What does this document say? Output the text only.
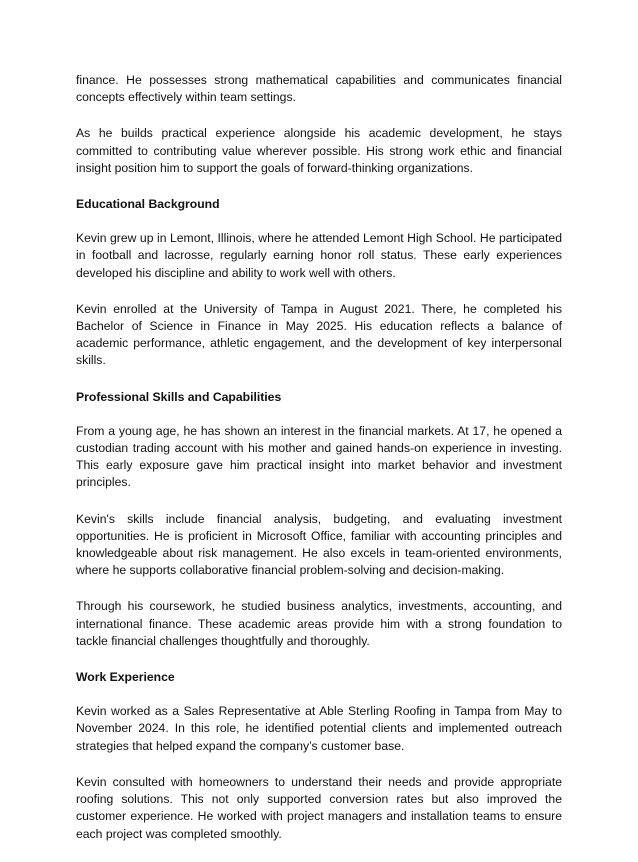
finance. He possesses strong mathematical capabilities and communicates financial concepts effectively within team settings.

As he builds practical experience alongside his academic development, he stays committed to contributing value wherever possible. His strong work ethic and financial insight position him to support the goals of forward-thinking organizations.

Educational Background

Kevin grew up in Lemont, Illinois, where he attended Lemont High School. He participated in football and lacrosse, regularly earning honor roll status. These early experiences developed his discipline and ability to work well with others.

Kevin enrolled at the University of Tampa in August 2021. There, he completed his Bachelor of Science in Finance in May 2025. His education reflects a balance of academic performance, athletic engagement, and the development of key interpersonal skills.

Professional Skills and Capabilities

From a young age, he has shown an interest in the financial markets. At 17, he opened a custodian trading account with his mother and gained hands-on experience in investing. This early exposure gave him practical insight into market behavior and investment principles.

Kevin's skills include financial analysis, budgeting, and evaluating investment opportunities. He is proficient in Microsoft Office, familiar with accounting principles and knowledgeable about risk management. He also excels in team-oriented environments, where he supports collaborative financial problem-solving and decision-making.

Through his coursework, he studied business analytics, investments, accounting, and international finance. These academic areas provide him with a strong foundation to tackle financial challenges thoughtfully and thoroughly.

Work Experience

Kevin worked as a Sales Representative at Able Sterling Roofing in Tampa from May to November 2024. In this role, he identified potential clients and implemented outreach strategies that helped expand the company’s customer base.

Kevin consulted with homeowners to understand their needs and provide appropriate roofing solutions. This not only supported conversion rates but also improved the customer experience. He worked with project managers and installation teams to ensure each project was completed smoothly.
